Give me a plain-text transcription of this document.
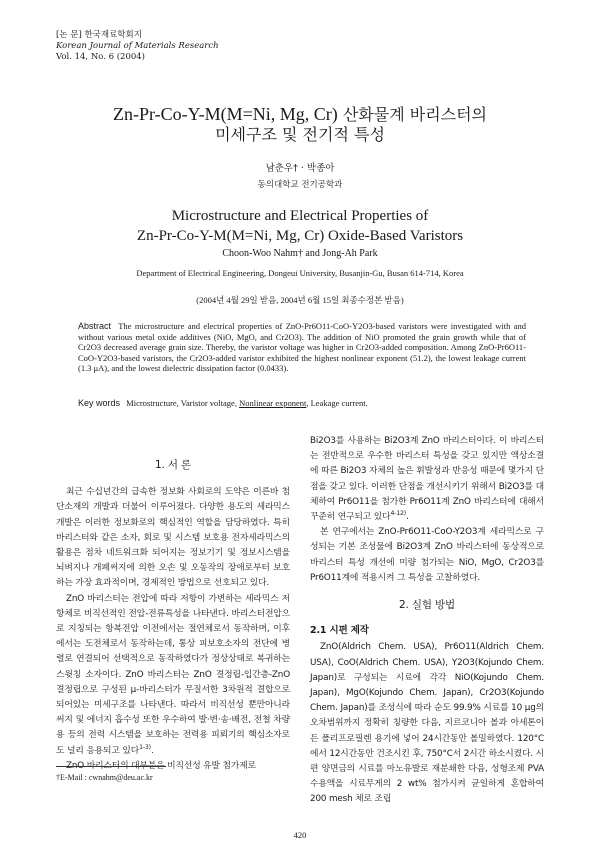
[논 문] 한국재료학회지
Korean Journal of Materials Research
Vol. 14, No. 6 (2004)
Zn-Pr-Co-Y-M(M=Ni, Mg, Cr) 산화물계 바리스터의
미세구조 및 전기적 특성
남춘우† · 박종아
동의대학교 전기공학과
Microstructure and Electrical Properties of
Zn-Pr-Co-Y-M(M=Ni, Mg, Cr) Oxide-Based Varistors
Choon-Woo Nahm† and Jong-Ah Park
Department of Electrical Engineering, Dongeui University, Busanjin-Gu, Busan 614-714, Korea
(2004년 4월 29일 받음, 2004년 6월 15일 최종수정본 받음)
Abstract The microstructure and electrical properties of ZnO-Pr6O11-CoO-Y2O3-based varistors were investigated with and without various metal oxide additives (NiO, MgO, and Cr2O3). The addition of NiO promoted the grain growth while that of Cr2O3 decreased average grain size. Thereby, the varistor voltage was higher in Cr2O3-added composition. Among ZnO-Pr6O11-CoO-Y2O3-based varistors, the Cr2O3-added varistor exhibited the highest nonlinear exponent (51.2), the lowest leakage current (1.3 μA), and the lowest dielectric dissipation factor (0.0433).
Key words Microstructure, Varistor voltage, Nonlinear exponent, Leakage current.
1. 서 론

최근 수십년간의 급속한 정보화 사회로의 도약은 이른바 첨단소재의 개발과 더불어 이루어졌다. 다양한 용도의 세라믹스 개발은 이러한 정보화로의 핵심적인 역할을 담당하였다. 특히 바리스터와 같은 소자, 회로 및 시스템 보호용 전자세라믹스의 활용은 점차 네트워크화 되어지는 정보기기 및 정보시스템을 뇌벼지나 개폐써지에 의한 오손 및 오동작의 장애로부터 보호하는 가장 효과적이며, 경제적인 방법으로 선호되고 있다.

ZnO 바리스터는 전압에 따라 저항이 가변하는 세라믹스 저항체로 비직선적인 전압-전류특성을 나타낸다. 바리스터전압으로 지칭되는 항복전압 이전에서는 절연체로서 동작하며, 이후에서는 도전체로서 동작하는데, 통상 피보호소자의 전단에 병렬로 연결되어 선택적으로 동작하였다가 정상상태로 복귀하는 스윗칭 소자이다. ZnO 바리스터는 ZnO 결정립-입간층-ZnO 결정립으로 구성된 μ-바리스터가 무질서한 3차원적 결합으로 되어있는 미세구조를 나타낸다. 따라서 비직선성 뿐만아니라 써지 및 에너지 흡수성 또한 우수하여 발·변·송·배전, 전철 차량용 등의 전력 시스템을 보호하는 전력용 피뢰기의 핵심소자로도 널리 응용되고 있다$^{1-3)}$.

ZnO 바리스터의 대부분은 비직선성 유발 첨가제로

Bi2O3를 사용하는 Bi2O3계 ZnO 바리스터이다. 이 바리스터는 전반적으로 우수한 바리스터 특성을 갖고 있지만 액상소결에 따른 Bi2O3 자체의 높은 휘발성과 반응성 때문에 몇가지 단점을 갖고 있다. 이러한 단점을 개선시키기 위해서 Bi2O3를 대체하여 Pr6O11을 첨가한 Pr6O11계 ZnO 바리스터에 대해서 꾸준히 연구되고 있다$^{4-12)}$.

본 연구에서는 ZnO-Pr6O11-CoO-Y2O3계 세라믹스로 구성되는 기본 조성물에 Bi2O3계 ZnO 바리스터에 동상적으로 바리스터 특성 개선에 미량 첨가되는 NiO, MgO, Cr2O3를 Pr6O11계에 적용시켜 그 특성을 고찰하였다.

2. 실험 방법
2.1 시편 제작

ZnO(Aldrich Chem. USA), Pr6O11(Aldrich Chem. USA), CoO(Aldrich Chem. USA), Y2O3(Kojundo Chem. Japan)로 구성되는 시료에 각각 NiO(Kojundo Chem. Japan), MgO(Kojundo Chem. Japan), Cr2O3(Kojundo Chem. Japan)를 조성식에 따라 순도 99.9% 시료를 10 μg의 오차범위까지 정확히 칭량한 다음, 지르코니아 볼과 아세톤이 든 폴리프로필렌 용기에 넣어 24시간동안 볼밀하였다. 120°C에서 12시간동안 건조시킨 후, 750°C서 2시간 하소시켰다. 시편 양면금의 시료를 마노유발로 재분쇄한 다음, 성형조제 PVA 수용액을 시료무게의 2 wt% 첨가시켜 균일하게 혼합하여 200 mesh 체로 조립

†E-Mail : cwnahm@deu.ac.kr
420
